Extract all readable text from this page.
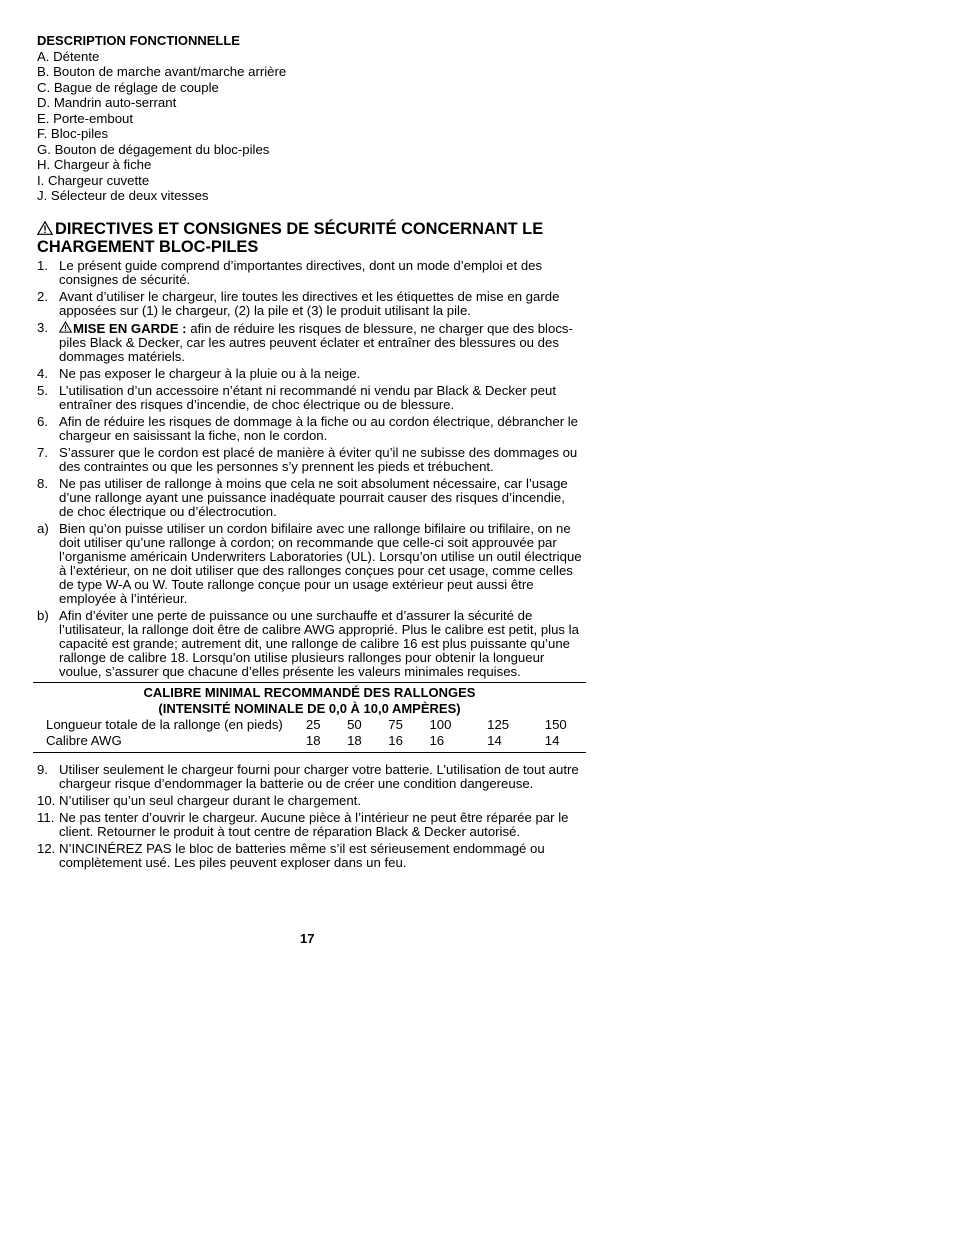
DESCRIPTION FONCTIONNELLE
A. Détente
B. Bouton de marche avant/marche arrière
C. Bague de réglage de couple
D. Mandrin auto-serrant
E. Porte-embout
F. Bloc-piles
G. Bouton de dégagement du bloc-piles
H. Chargeur à fiche
I. Chargeur cuvette
J. Sélecteur de deux vitesses
DIRECTIVES ET CONSIGNES DE SÉCURITÉ CONCERNANT LE CHARGEMENT BLOC-PILES
1. Le présent guide comprend d’importantes directives, dont un mode d’emploi et des consignes de sécurité.
2. Avant d’utiliser le chargeur, lire toutes les directives et les étiquettes de mise en garde apposées sur (1) le chargeur, (2) la pile et (3) le produit utilisant la pile.
3.	MISE EN GARDE : afin de réduire les risques de blessure, ne charger que des blocs-piles Black & Decker, car les autres peuvent éclater et entraîner des blessures ou des dommages matériels.
4. Ne pas exposer le chargeur à la pluie ou à la neige.
5. L’utilisation d’un accessoire n’étant ni recommandé ni vendu par Black & Decker peut entraîner des risques d’incendie, de choc électrique ou de blessure.
6. Afin de réduire les risques de dommage à la fiche ou au cordon électrique, débrancher le chargeur en saisissant la fiche, non le cordon.
7. S’assurer que le cordon est placé de manière à éviter qu’il ne subisse des dommages ou des contraintes ou que les personnes s’y prennent les pieds et trébuchent.
8. Ne pas utiliser de rallonge à moins que cela ne soit absolument nécessaire, car l’usage d’une rallonge ayant une puissance inadéquate pourrait causer des risques d’incendie, de choc électrique ou d’électrocution.
a) Bien qu’on puisse utiliser un cordon bifilaire avec une rallonge bifilaire ou trifilaire, on ne doit utiliser qu’une rallonge à cordon; on recommande que celle-ci soit approuvée par l’organisme américain Underwriters Laboratories (UL). Lorsqu’on utilise un outil électrique à l’extérieur, on ne doit utiliser que des rallonges conçues pour cet usage, comme celles de type W-A ou W. Toute rallonge conçue pour un usage extérieur peut aussi être employée à l’intérieur.
b) Afin d’éviter une perte de puissance ou une surchauffe et d’assurer la sécurité de l’utilisateur, la rallonge doit être de calibre AWG approprié. Plus le calibre est petit, plus la capacité est grande; autrement dit, une rallonge de calibre 16 est plus puissante qu’une rallonge de calibre 18. Lorsqu’on utilise plusieurs rallonges pour obtenir la longueur voulue, s’assurer que chacune d’elles présente les valeurs minimales requises.
CALIBRE MINIMAL RECOMMANDÉ DES RALLONGES
(INTENSITÉ NOMINALE DE 0,0 À 10,0 AMPÈRES)
Longueur totale de la rallonge (en pieds)	25	50	75	100	125	150
Calibre AWG	18	18	16	16	14	14
9. Utiliser seulement le chargeur fourni pour charger votre batterie. L’utilisation de tout autre chargeur risque d’endommager la batterie ou de créer une condition dangereuse.
10. N’utiliser qu’un seul chargeur durant le chargement.
11. Ne pas tenter d’ouvrir le chargeur. Aucune pièce à l’intérieur ne peut être réparée par le client. Retourner le produit à tout centre de réparation Black & Decker autorisé.
12. N’INCINÉREZ PAS le bloc de batteries même s’il est sérieusement endommagé ou complètement usé. Les piles peuvent exploser dans un feu.
17
